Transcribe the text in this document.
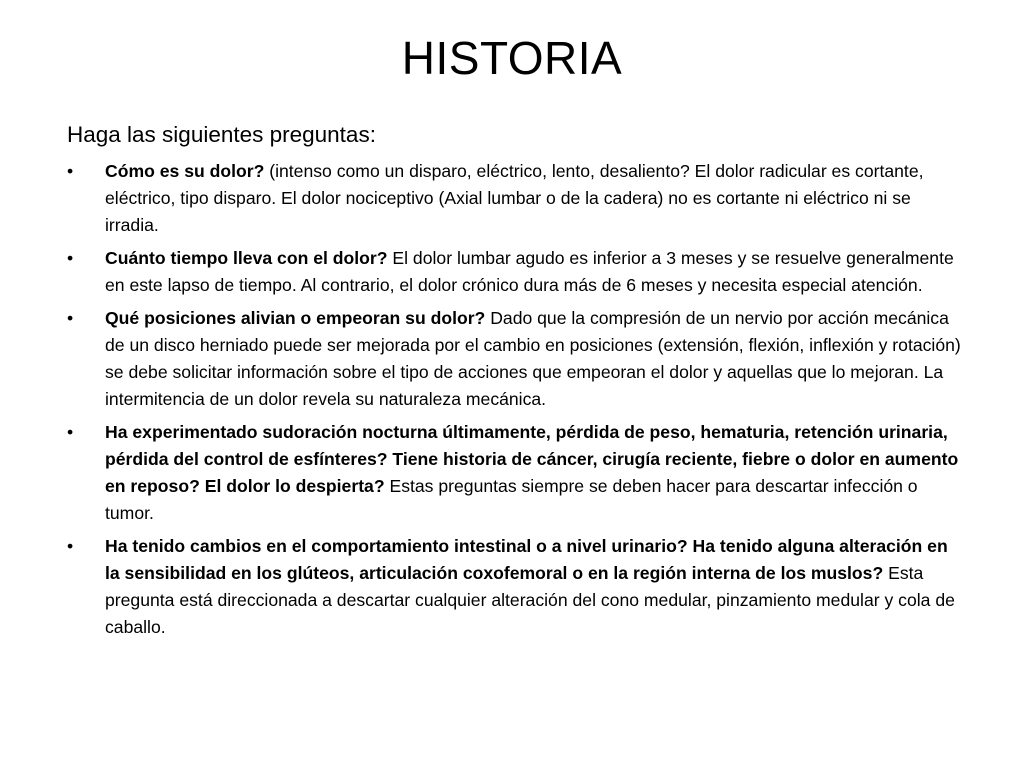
HISTORIA
Haga las siguientes preguntas:
•	Cómo es su dolor? (intenso como un disparo, eléctrico, lento, desaliento? El dolor radicular es cortante, eléctrico, tipo disparo. El dolor nociceptivo (Axial lumbar o de la cadera) no es cortante ni eléctrico ni se irradia.
•	Cuánto tiempo lleva con el dolor? El dolor lumbar agudo es inferior a 3 meses y se resuelve generalmente en este lapso de tiempo. Al contrario, el dolor crónico dura más de 6 meses y necesita especial atención.
•	Qué posiciones alivian o empeoran su dolor? Dado que la compresión de un nervio por acción mecánica de un disco herniado puede ser mejorada por el cambio en posiciones (extensión, flexión, inflexión y rotación) se debe solicitar información sobre el tipo de acciones que empeoran el dolor y aquellas que lo mejoran. La intermitencia de un dolor revela su naturaleza mecánica.
•	Ha experimentado sudoración nocturna últimamente, pérdida de peso, hematuria, retención urinaria, pérdida del control de esfínteres? Tiene historia de cáncer, cirugía reciente, fiebre o dolor en aumento en reposo? El dolor lo despierta? Estas preguntas siempre se deben hacer para descartar infección o tumor.
•	Ha tenido cambios en el comportamiento intestinal o a nivel urinario? Ha tenido alguna alteración en la sensibilidad en los glúteos, articulación coxofemoral o en la región interna de los muslos? Esta pregunta está direccionada a descartar cualquier alteración del cono medular, pinzamiento medular y cola de caballo.
